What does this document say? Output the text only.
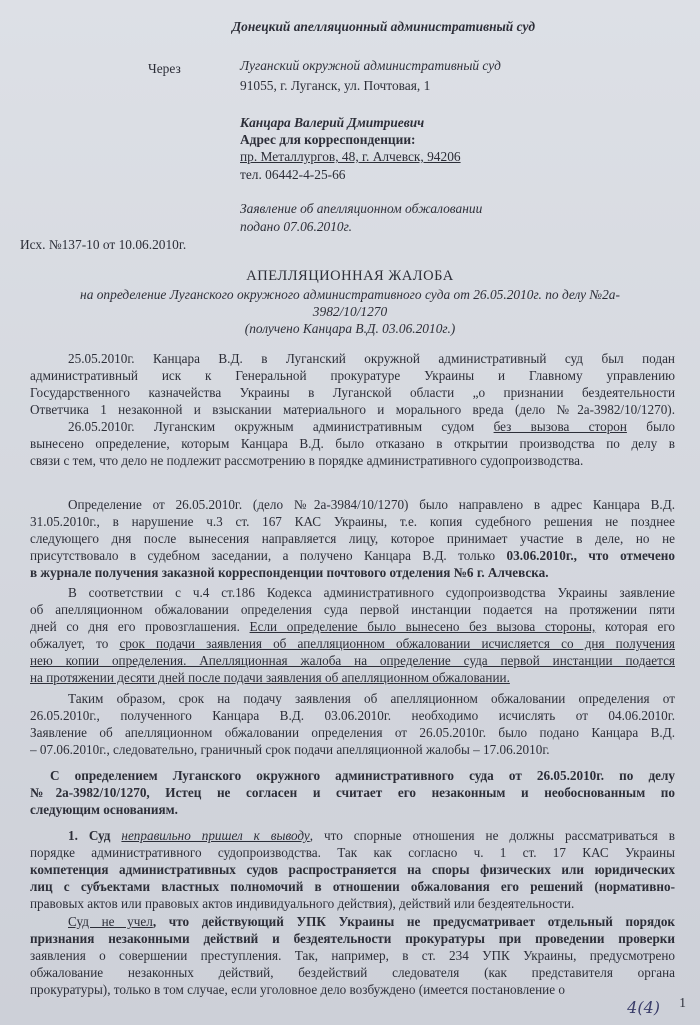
Донецкий апелляционный административный суд
Через	Луганский окружной административный суд
91055, г. Луганск, ул. Почтовая, 1
Канцара Валерий Дмитриевич
Адрес для корреспонденции:
пр. Металлургов, 48, г. Алчевск, 94206
тел. 06442-4-25-66
Заявление об апелляционном обжаловании
подано 07.06.2010г.
Исх. №137-10 от 10.06.2010г.
АПЕЛЛЯЦИОННАЯ ЖАЛОБА
на определение Луганского окружного административного суда от 26.05.2010г. по делу №2а-
3982/10/1270
(получено Канцара В.Д. 03.06.2010г.)
25.05.2010г. Канцара В.Д. в Луганский окружной административный суд был подан
административный иск к Генеральной прокуратуре Украины и Главному управлению
Государственного казначейства Украины в Луганской области „о признании бездеятельности
Ответчика 1 незаконной и взыскании материального и морального вреда (дело №2а-3982/10/1270).
26.05.2010г. Луганским окружным административным судом без вызова сторон было
вынесено определение, которым Канцара В.Д. было отказано в открытии производства по делу в
связи с тем, что дело не подлежит рассмотрению в порядке административного судопроизводства.
Определение от 26.05.2010г. (дело №2а-3984/10/1270) было направлено в адрес Канцара В.Д.
31.05.2010г., в нарушение ч.3 ст. 167 КАС Украины, т.е. копия судебного решения не позднее
следующего дня после вынесения направляется лицу, которое принимает участие в деле, но не
присутствовало в судебном заседании, а получено Канцара В.Д. только 03.06.2010г., что отмечено
в журнале получения заказной корреспонденции почтового отделения №6 г. Алчевска.
В соответствии с ч.4 ст.186 Кодекса административного судопроизводства Украины заявление
об апелляционном обжаловании определения суда первой инстанции подается на протяжении пяти
дней со дня его провозглашения. Если определение было вынесено без вызова стороны, которая его
обжалует, то срок подачи заявления об апелляционном обжаловании исчисляется со дня получения
нею копии определения. Апелляционная жалоба на определение суда первой инстанции подается
на протяжении десяти дней после подачи заявления об апелляционном обжаловании.
Таким образом, срок на подачу заявления об апелляционном обжаловании определения от
26.05.2010г., полученного Канцара В.Д. 03.06.2010г. необходимо исчислять от 04.06.2010г.
Заявление об апелляционном обжаловании определения от 26.05.2010г. было подано Канцара В.Д.
– 07.06.2010г., следовательно, граничный срок подачи апелляционной жалобы – 17.06.2010г.
С определением Луганского окружного административного суда от 26.05.2010г. по делу
№2а-3982/10/1270, Истец не согласен и считает его незаконным и необоснованным по
следующим основаниям.
1. Суд неправильно пришел к выводу, что спорные отношения не должны рассматриваться в
порядке административного судопроизводства. Так как согласно ч. 1 ст. 17 КАС Украины
компетенция административных судов распространяется на споры физических или юридических
лиц с субъектами властных полномочий в отношении обжалования его решений (нормативно-
правовых актов или правовых актов индивидуального действия), действий или бездеятельности.
Суд не учел, что действующий УПК Украины не предусматривает отдельный порядок
признания незаконными действий и бездеятельности прокуратуры при проведении проверки
заявления о совершении преступления. Так, например, в ст. 234 УПК Украины, предусмотрено
обжалование незаконных действий, бездействий следователя (как представителя органа
прокуратуры), только в том случае, если уголовное дело возбуждено (имеется постановление о
4(4) 1
